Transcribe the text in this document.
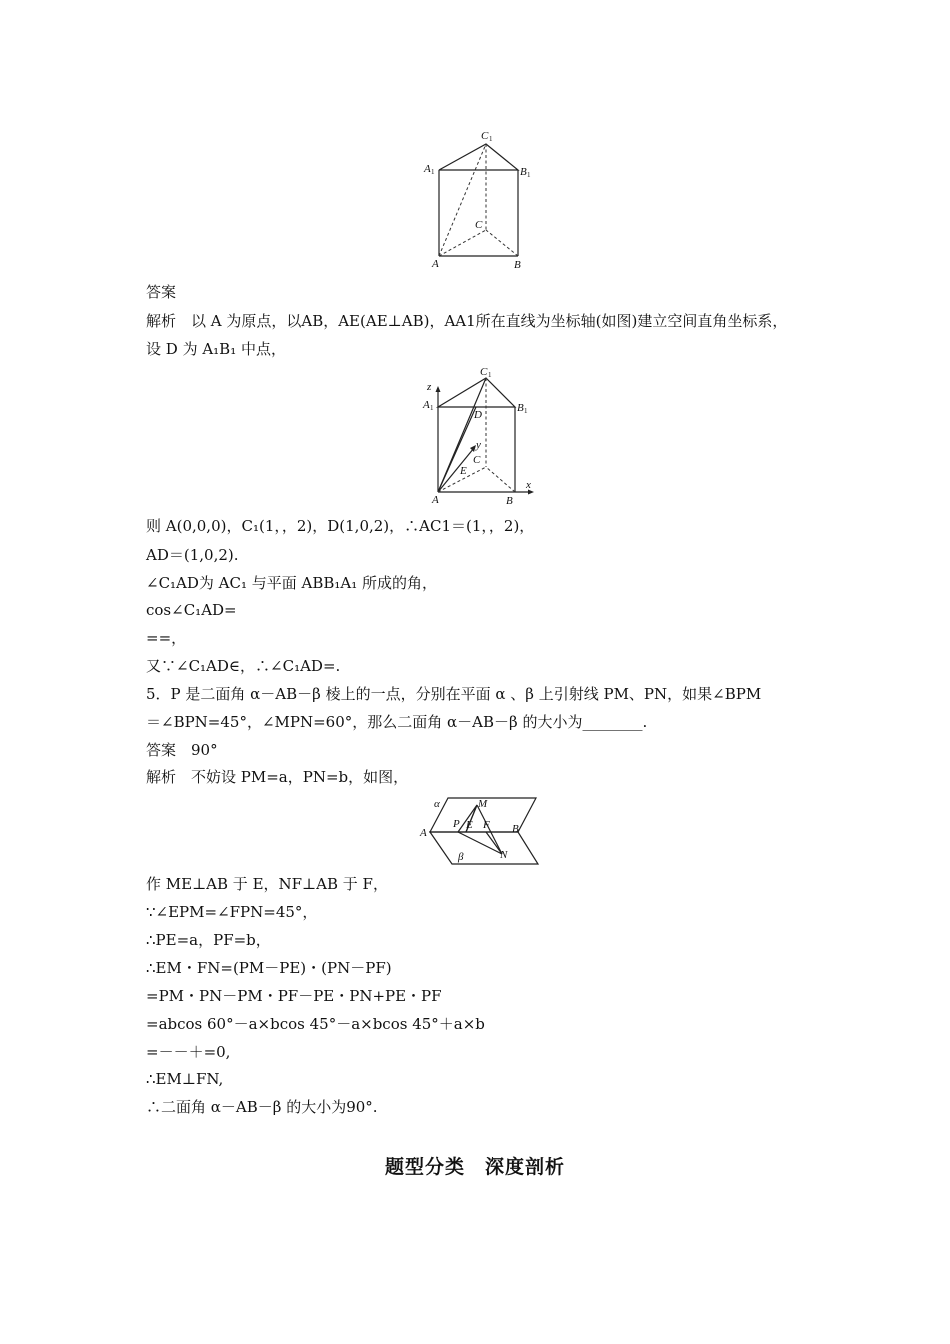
C 1
A 1	B 1
C
A	B
C 1
z
A 1	B 1
D
y
C
E
A	B
x
α	M
P E F
A	B
β	N
答案
解析　以 A 为原点，以AB，AE(AE⊥AB)，AA1所在直线为坐标轴(如图)建立空间直角坐标系，
设 D 为 A₁B₁ 中点，
则 A(0,0,0)，C₁(1，，2)，D(1,0,2)，∴AC1＝(1，，2)，
AD＝(1,0,2).
∠C₁AD为 AC₁ 与平面 ABB₁A₁ 所成的角，
cos∠C₁AD=
==，
又∵∠C₁AD∈，∴∠C₁AD=.
5．P 是二面角 α－AB－β 棱上的一点，分别在平面 α 、β 上引射线 PM、PN，如果∠BPM
＝∠BPN=45°，∠MPN=60°，那么二面角 α－AB－β 的大小为________.
答案　90°
解析　不妨设 PM=a，PN=b，如图，
作 ME⊥AB 于 E，NF⊥AB 于 F，
∵∠EPM=∠FPN=45°，
∴PE=a，PF=b，
∴EM・FN=(PM－PE)・(PN－PF)
=PM・PN－PM・PF－PE・PN+PE・PF
=abcos 60°－a×bcos 45°－a×bcos 45°＋a×b
=－－＋=0,
∴EM⊥FN,
∴二面角 α－AB－β 的大小为90°.
题型分类　深度剖析
